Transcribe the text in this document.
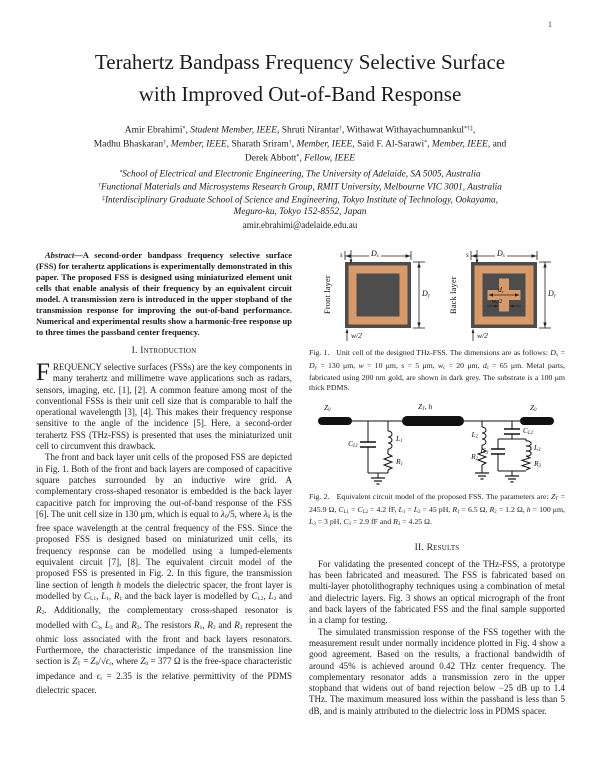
1
Terahertz Bandpass Frequency Selective Surface
with Improved Out-of-Band Response
Amir Ebrahimi*, Student Member, IEEE, Shruti Nirantar†, Withawat Withayachumnankul*†‡,
Madhu Bhaskaran†, Member, IEEE, Sharath Sriram†, Member, IEEE, Said F. Al-Sarawi*, Member, IEEE, and
Derek Abbott*, Fellow, IEEE
*School of Electrical and Electronic Engineering, The University of Adelaide, SA 5005, Australia
†Functional Materials and Microsystems Research Group, RMIT University, Melbourne VIC 3001, Australia
‡Interdisciplinary Graduate School of Science and Engineering, Tokyo Institute of Technology, Ookayama,
Meguro-ku, Tokyo 152-8552, Japan
amir.ebrahimi@adelaide.edu.au

Abstract—A second-order bandpass frequency selective surface (FSS) for terahertz applications is experimentally demonstrated in this paper. The proposed FSS is designed using miniaturized element unit cells that enable analysis of their frequency by an equivalent circuit model. A transmission zero is introduced in the upper stopband of the transmission response for improving the out-of-band performance. Numerical and experimental results show a harmonic-free response up to three times the passband center frequency.

I. Introduction

FREQUENCY selective surfaces (FSSs) are the key components in many terahertz and millimetre wave applications such as radars, sensors, imaging, etc. [1], [2]. A common feature among most of the conventional FSSs is their unit cell size that is comparable to half the operational wavelength [3], [4]. This makes their frequency response sensitive to the angle of the incidence [5]. Here, a second-order terahertz FSS (THz-FSS) is presented that uses the miniaturized unit cell to circumvent this drawback.

The front and back layer unit cells of the proposed FSS are depicted in Fig. 1. Both of the front and back layers are composed of capacitive square patches surrounded by an inductive wire grid. A complementary cross-shaped resonator is embedded is the back layer capacitive patch for improving the out-of-band response of the FSS [6]. The unit cell size in 130 μm, which is equal to λ0/5, where λ0 is the free space wavelength at the central frequency of the FSS. Since the proposed FSS is designed based on miniaturized unit cells, its frequency response can be modelled using a lumped-elements equivalent circuit [7], [8]. The equivalent circuit model of the proposed FSS is presented in Fig. 2. In this figure, the transmission line section of length h models the dielectric spacer, the front layer is modelled by CL1, L1, R1 and the back layer is modelled by CL2, L2 and R2. Additionally, the complementary cross-shaped resonator is modelled with C3, L3 and R3. The resistors R1, R2 and R3 represent the ohmic loss associated with the front and back layers resonators. Furthermore, the characteristic impedance of the transmission line section is ZT = Z0/√ϵr, where Z0 = 377 Ω is the free-space characteristic impedance and ϵr = 2.35 is the relative permittivity of the PDMS dielectric spacer.

Front layer
Dx
Dy
s
w/2
Back layer
Dx
Dy
s
w/2
dc
wc/2

Fig. 1.   Unit cell of the designed THz-FSS. The dimensions are as follows: Dx = Dy = 130 μm, w = 10 μm, s = 5 μm, wc = 20 μm, dc = 65 μm. Metal parts, fabricated using 200 nm gold, are shown in dark grey. The substrate is a 100 μm thick PDMS.

Z0	ZT, h	Z0
CL1
L1
R1
L2
R2
CL2
C3
L3
R3

Fig. 2.   Equivalent circuit model of the proposed FSS. The parameters are: ZT = 245.9 Ω, CL1 = CL2 = 4.2 fF, L1 = L2 = 45 pH, R1 = 6.5 Ω, R2 = 1.2 Ω, h = 100 μm, L3 = 3 pH, C3 = 2.9 fF and R3 = 4.25 Ω.

II. Results

For validating the presented concept of the THz-FSS, a prototype has been fabricated and measured. The FSS is fabricated based on multi-layer photolithography techniques using a combination of metal and dielectric layers. Fig. 3 shows an optical micrograph of the front and back layers of the fabricated FSS and the final sample supported in a clamp for testing.

The simulated transmission response of the FSS together with the measurement result under normally incidence plotted in Fig. 4 show a good agreement. Based on the results, a fractional bandwidth of around 45% is achieved around 0.42 THz center frequency. The complementary resonator adds a transmission zero in the upper stopband that widens out of band rejection below −25 dB up to 1.4 THz. The maximum measured loss within the passband is less than 5 dB, and is mainly attributed to the dielectric loss in PDMS spacer.
